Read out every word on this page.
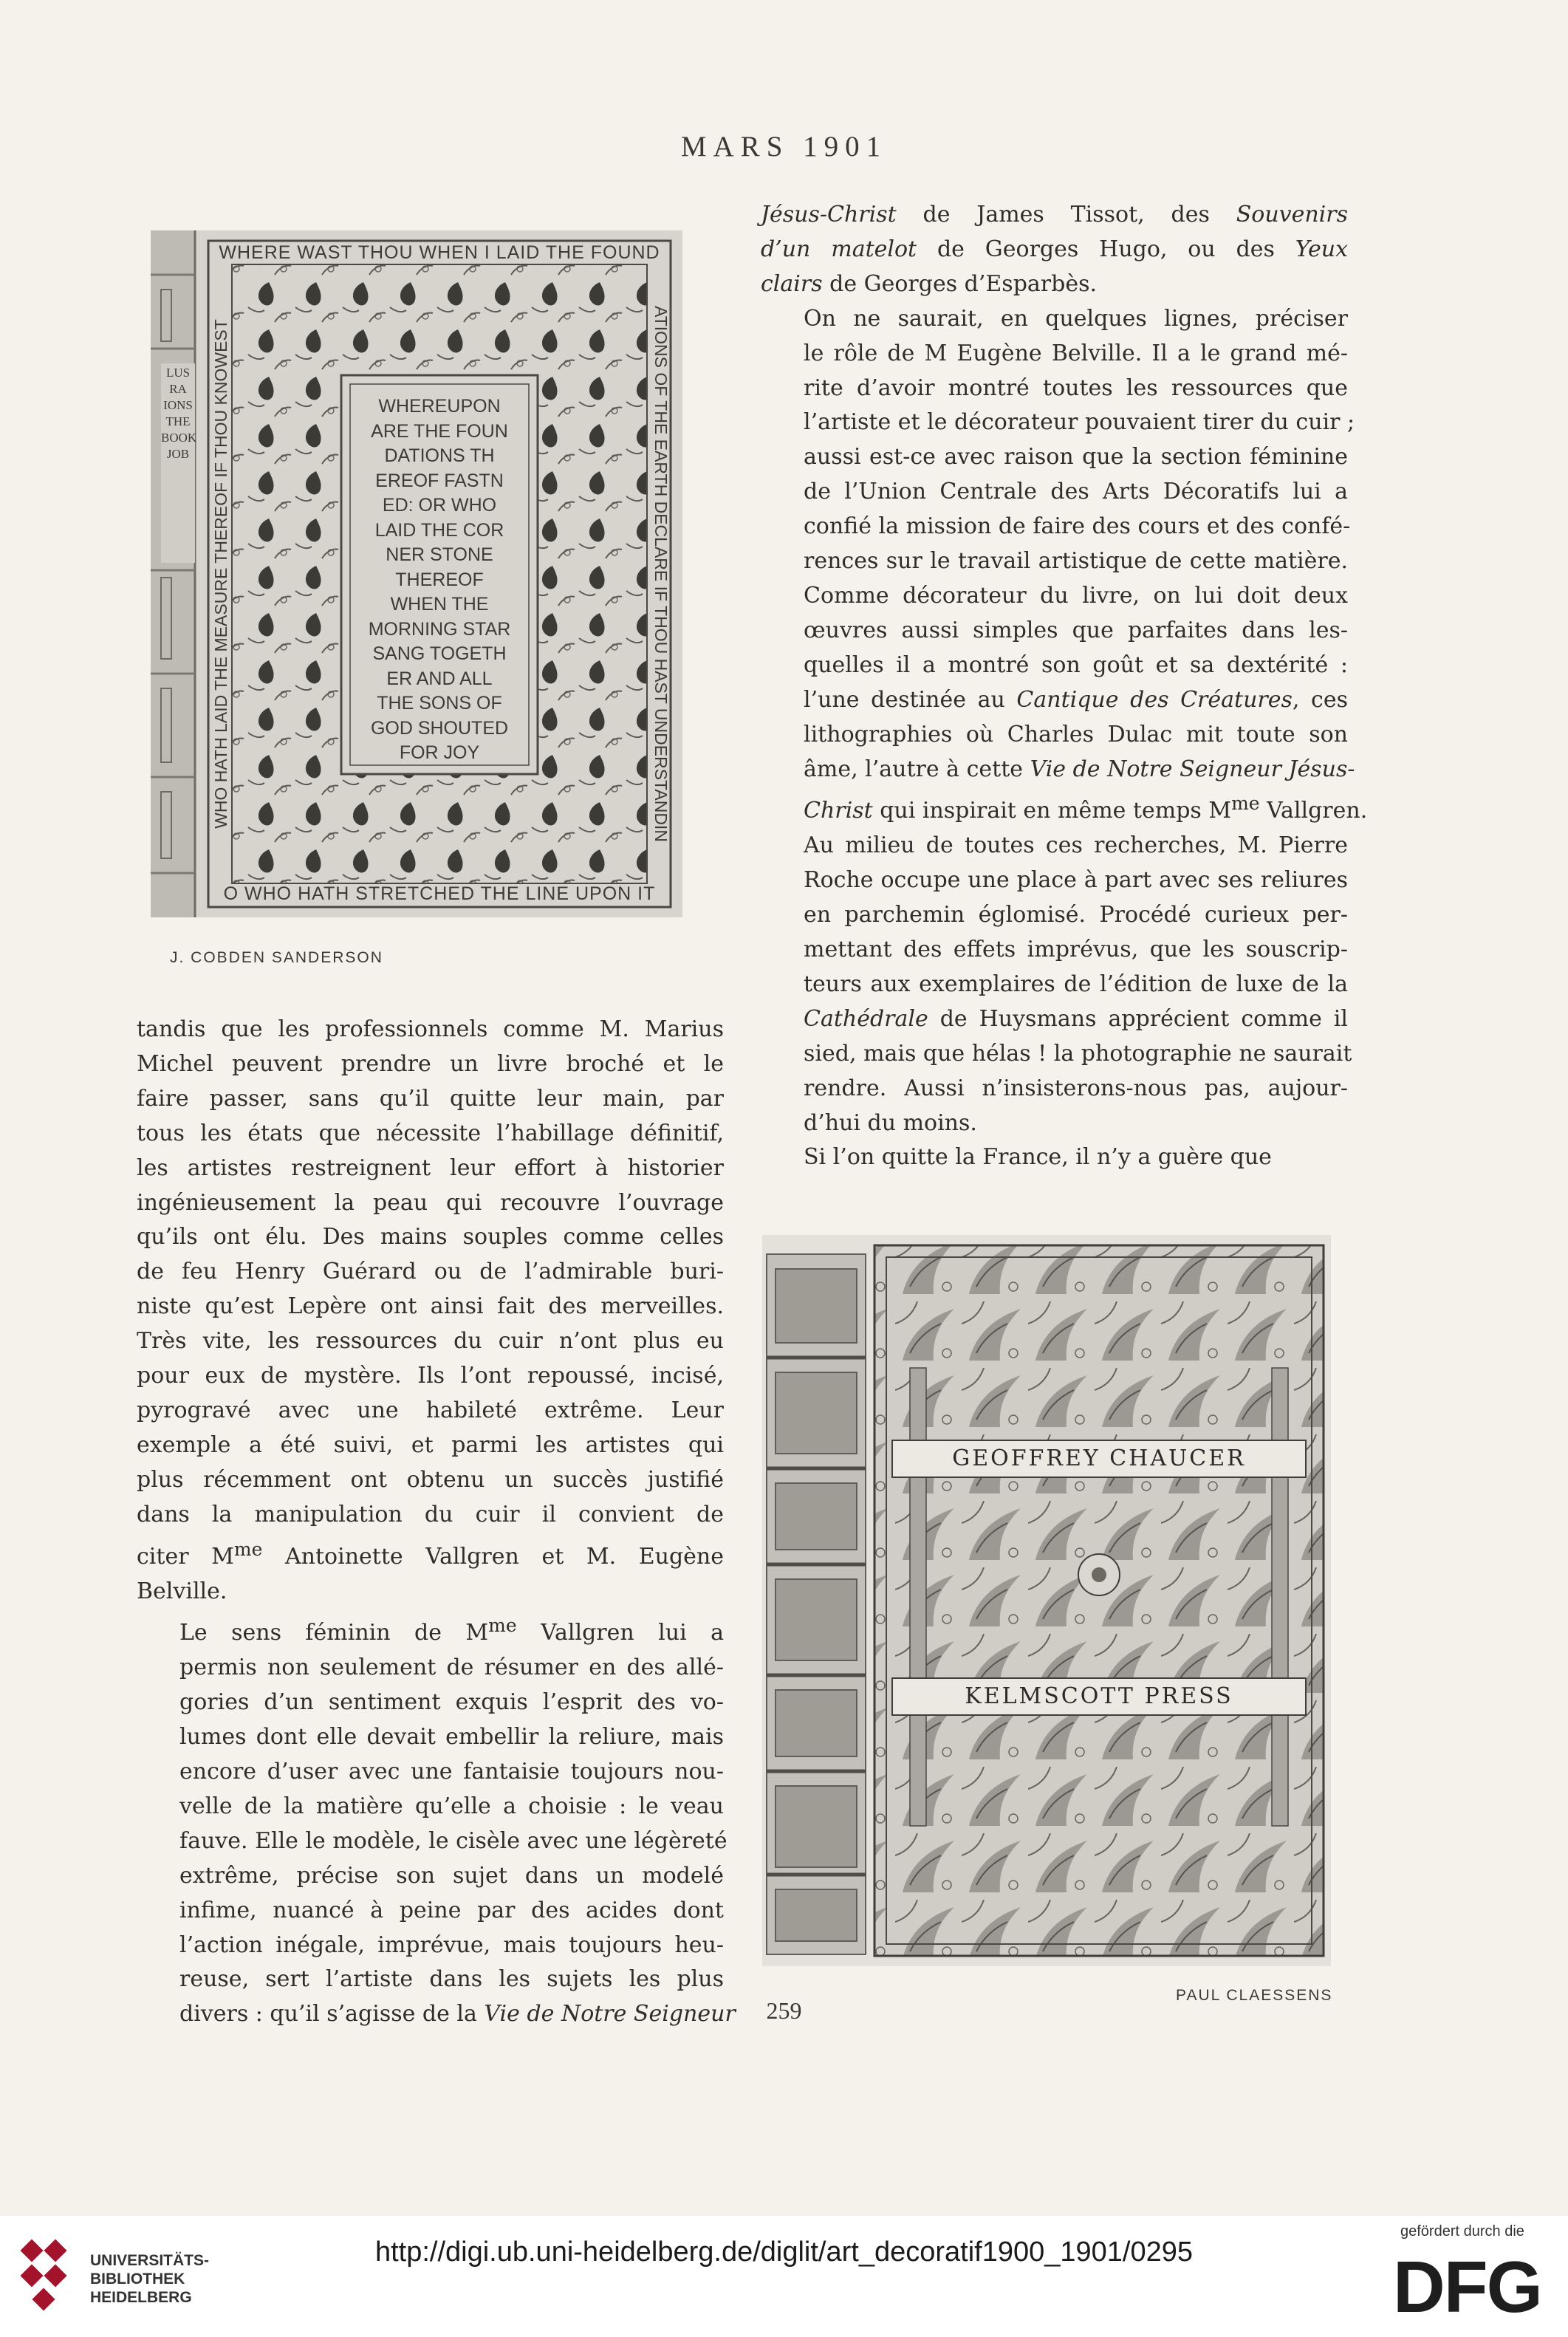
MARS 1901
LUS
RA
IONS
THE
BOOK
JOB
WHERE WAST THOU WHEN I LAID THE FOUND
O WHO HATH STRETCHED THE LINE UPON IT
ATIONS OF THE EARTH DECLARE IF THOU HAST UNDERSTANDIN
WHO HATH LAID THE MEASURE THEREOF IF THOU KNOWEST	WHEREUPON
ARE THE FOUN
DATIONS TH
EREOF FASTN
ED: OR WHO
LAID THE COR
NER STONE
THEREOF
WHEN THE
MORNING STAR
SANG TOGETH
ER AND ALL
THE SONS OF
GOD SHOUTED
FOR JOY
J. COBDEN SANDERSON

Jésus-Christ de James Tissot, des Souvenirs
d’un matelot de Georges Hugo, ou des Yeux
clairs de Georges d’Esparbès.

On ne saurait, en quelques lignes, préciser
le rôle de M Eugène Belville. Il a le grand mé-
rite d’avoir montré toutes les ressources que
l’artiste et le décorateur pouvaient tirer du cuir ;
aussi est-ce avec raison que la section féminine
de l’Union Centrale des Arts Décoratifs lui a
confié la mission de faire des cours et des confé-
rences sur le travail artistique de cette matière.
Comme décorateur du livre, on lui doit deux
œuvres aussi simples que parfaites dans les-
quelles il a montré son goût et sa dextérité :
l’une destinée au Cantique des Créatures, ces
lithographies où Charles Dulac mit toute son
âme, l’autre à cette Vie de Notre Seigneur Jésus-
Christ qui inspirait en même temps $M^{me}$ Vallgren.

Au milieu de toutes ces recherches, M. Pierre
Roche occupe une place à part avec ses reliures
en parchemin églomisé. Procédé curieux per-
mettant des effets imprévus, que les souscrip-
teurs aux exemplaires de l’édition de luxe de la
Cathédrale de Huysmans apprécient comme il
sied, mais que hélas ! la photographie ne saurait
rendre. Aussi n’insisterons-nous pas, aujour-
d’hui du moins.

Si l’on quitte la France, il n’y a guère que

tandis que les professionnels comme M. Marius
Michel peuvent prendre un livre broché et le
faire passer, sans qu’il quitte leur main, par
tous les états que nécessite l’habillage définitif,
les artistes restreignent leur effort à historier
ingénieusement la peau qui recouvre l’ouvrage
qu’ils ont élu. Des mains souples comme celles
de feu Henry Guérard ou de l’admirable buri-
niste qu’est Lepère ont ainsi fait des merveilles.
Très vite, les ressources du cuir n’ont plus eu
pour eux de mystère. Ils l’ont repoussé, incisé,
pyrogravé avec une habileté extrême. Leur
exemple a été suivi, et parmi les artistes qui
plus récemment ont obtenu un succès justifié
dans la manipulation du cuir il convient de
citer $M^{me}$ Antoinette Vallgren et M. Eugène
Belville.

Le sens féminin de $M^{me}$ Vallgren lui a
permis non seulement de résumer en des allé-
gories d’un sentiment exquis l’esprit des vo-
lumes dont elle devait embellir la reliure, mais
encore d’user avec une fantaisie toujours nou-
velle de la matière qu’elle a choisie : le veau
fauve. Elle le modèle, le cisèle avec une légèreté
extrême, précise son sujet dans un modelé
infime, nuancé à peine par des acides dont
l’action inégale, imprévue, mais toujours heu-
reuse, sert l’artiste dans les sujets les plus
divers : qu’il s’agisse de la Vie de Notre Seigneur

GEOFFREY CHAUCER
KELMSCOTT PRESS
PAUL CLAESSENS
259
UNIVERSITÄTS-
BIBLIOTHEK
HEIDELBERG
http://digi.ub.uni-heidelberg.de/diglit/art_decoratif1900_1901/0295
gefördert durch die
DFG
